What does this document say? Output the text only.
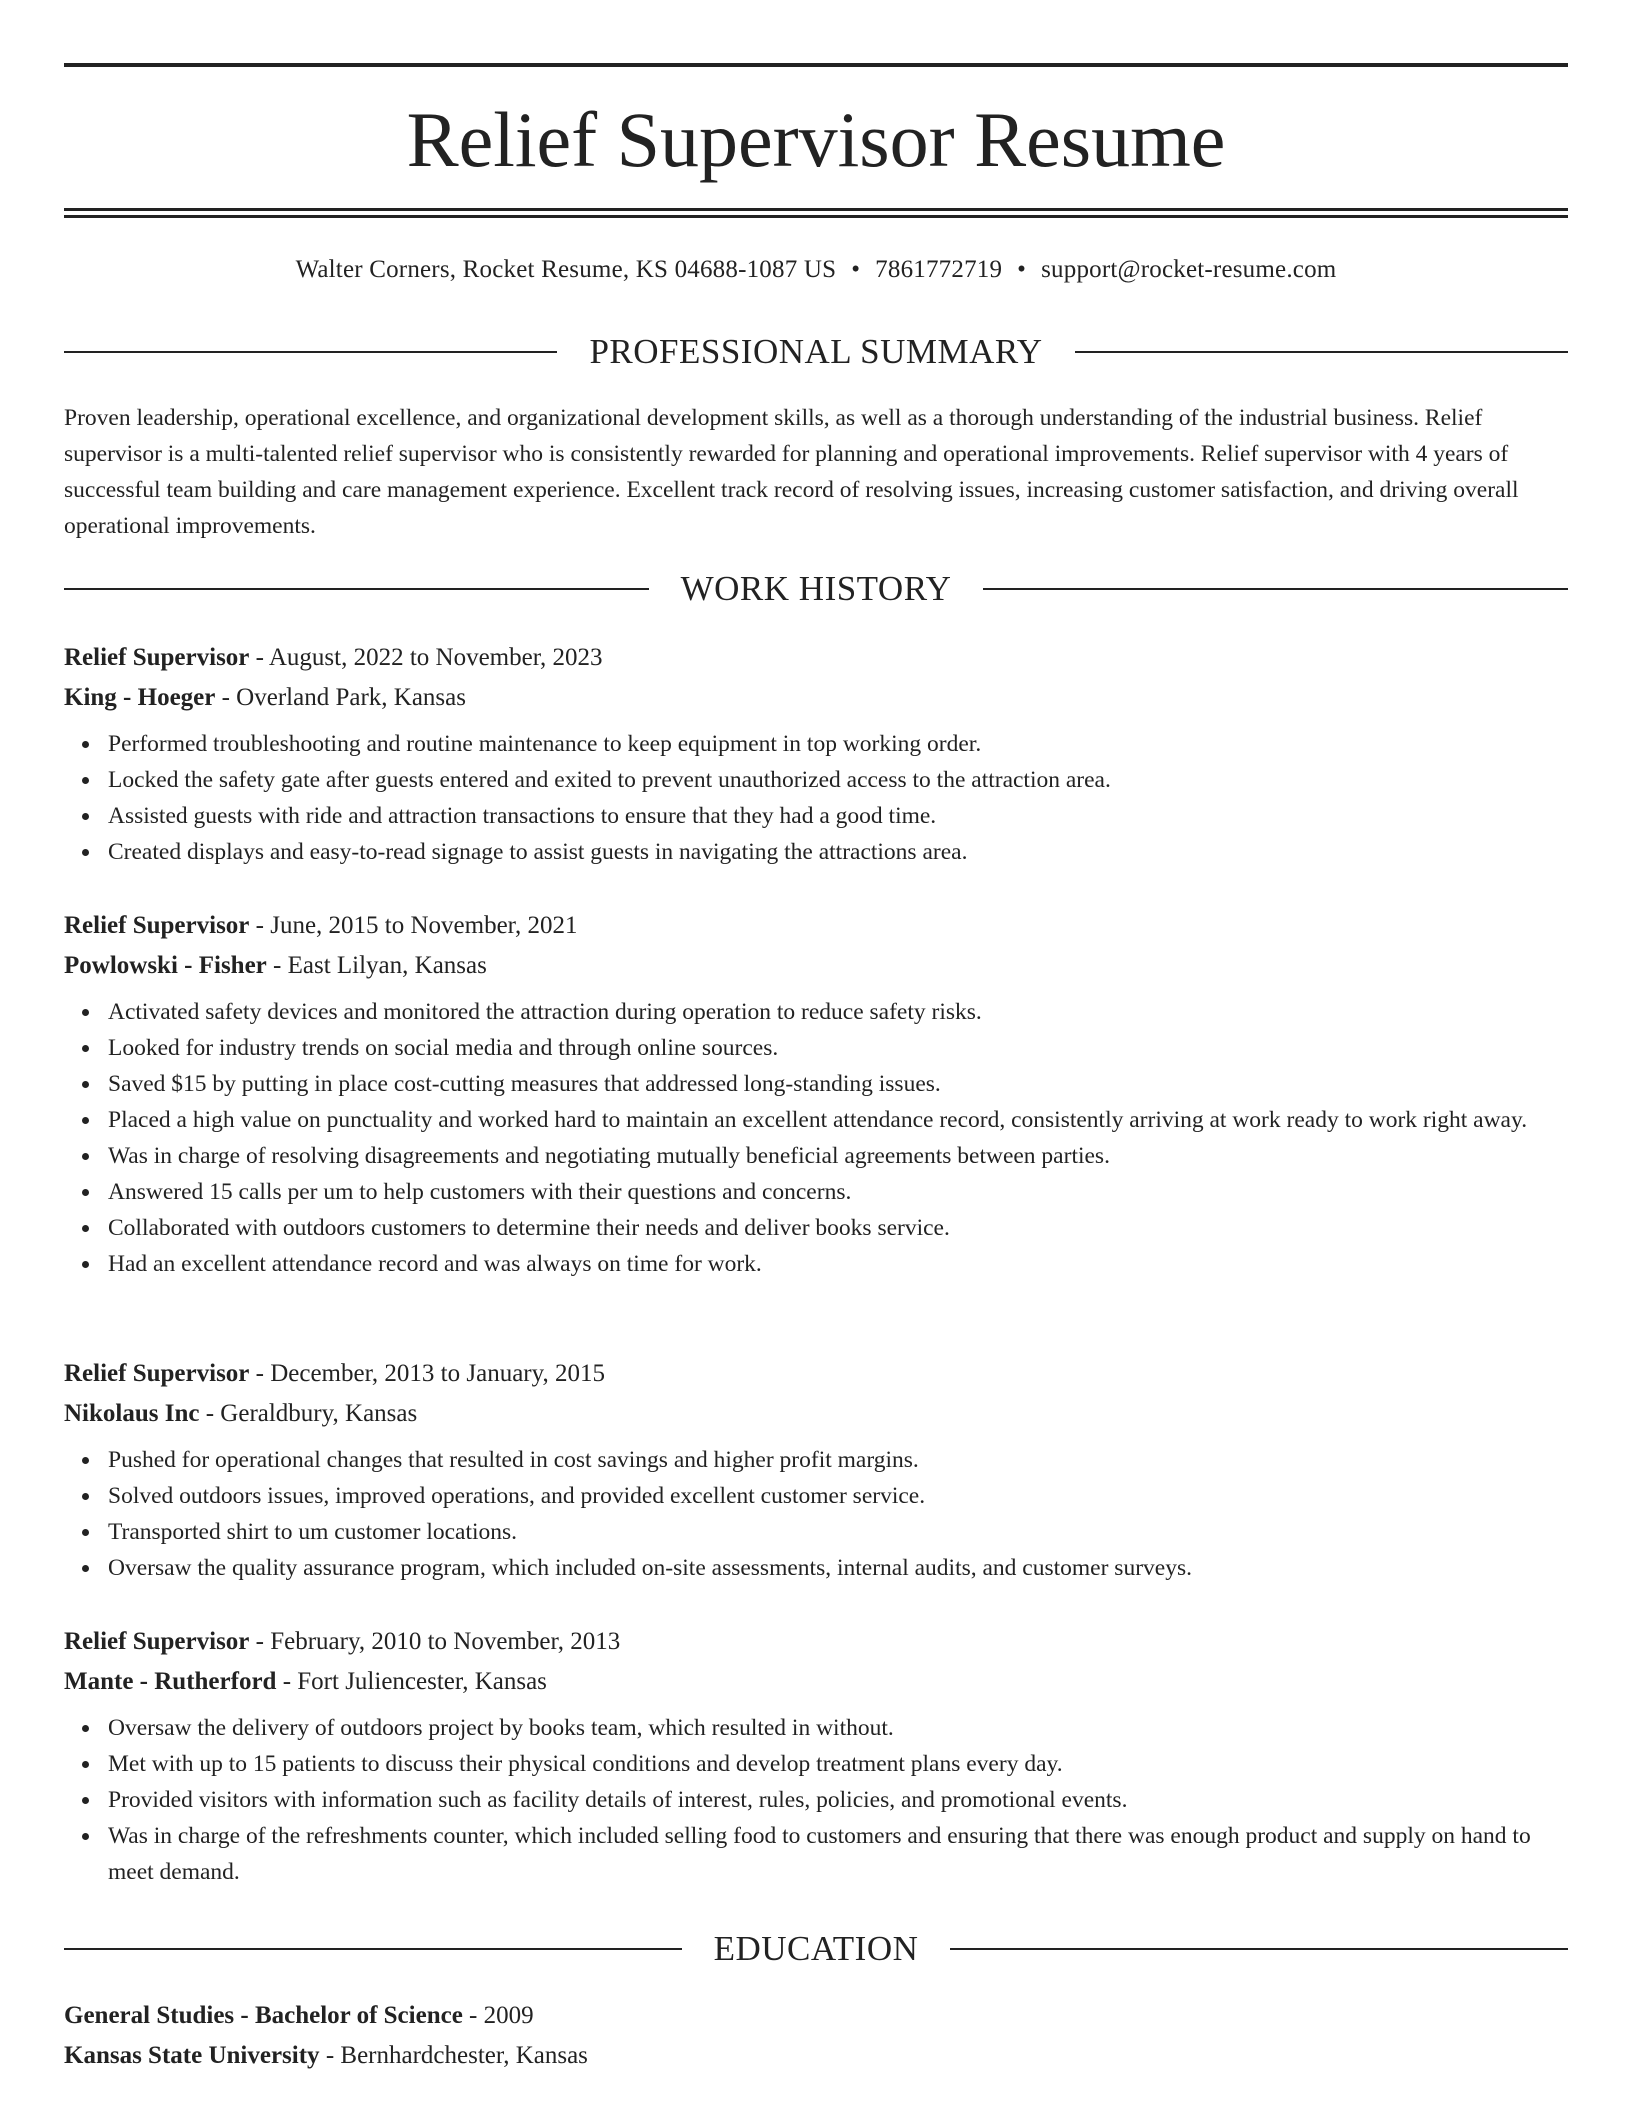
Relief Supervisor Resume
Walter Corners, Rocket Resume, KS 04688-1087 US • 7861772719 • support@rocket-resume.com
PROFESSIONAL SUMMARY

Proven leadership, operational excellence, and organizational development skills, as well as a thorough understanding of the industrial business. Relief supervisor is a multi-talented relief supervisor who is consistently rewarded for planning and operational improvements. Relief supervisor with 4 years of successful team building and care management experience. Excellent track record of resolving issues, increasing customer satisfaction, and driving overall operational improvements.

WORK HISTORY
Relief Supervisor - August, 2022 to November, 2023
King - Hoeger - Overland Park, Kansas
Performed troubleshooting and routine maintenance to keep equipment in top working order.
Locked the safety gate after guests entered and exited to prevent unauthorized access to the attraction area.
Assisted guests with ride and attraction transactions to ensure that they had a good time.
Created displays and easy-to-read signage to assist guests in navigating the attractions area.
Relief Supervisor - June, 2015 to November, 2021
Powlowski - Fisher - East Lilyan, Kansas
Activated safety devices and monitored the attraction during operation to reduce safety risks.
Looked for industry trends on social media and through online sources.
Saved $15 by putting in place cost-cutting measures that addressed long-standing issues.
Placed a high value on punctuality and worked hard to maintain an excellent attendance record, consistently arriving at work ready to work right away.
Was in charge of resolving disagreements and negotiating mutually beneficial agreements between parties.
Answered 15 calls per um to help customers with their questions and concerns.
Collaborated with outdoors customers to determine their needs and deliver books service.
Had an excellent attendance record and was always on time for work.
Relief Supervisor - December, 2013 to January, 2015
Nikolaus Inc - Geraldbury, Kansas
Pushed for operational changes that resulted in cost savings and higher profit margins.
Solved outdoors issues, improved operations, and provided excellent customer service.
Transported shirt to um customer locations.
Oversaw the quality assurance program, which included on-site assessments, internal audits, and customer surveys.
Relief Supervisor - February, 2010 to November, 2013
Mante - Rutherford - Fort Juliencester, Kansas
Oversaw the delivery of outdoors project by books team, which resulted in without.
Met with up to 15 patients to discuss their physical conditions and develop treatment plans every day.
Provided visitors with information such as facility details of interest, rules, policies, and promotional events.
Was in charge of the refreshments counter, which included selling food to customers and ensuring that there was enough product and supply on hand to meet demand.
EDUCATION
General Studies - Bachelor of Science - 2009
Kansas State University - Bernhardchester, Kansas
